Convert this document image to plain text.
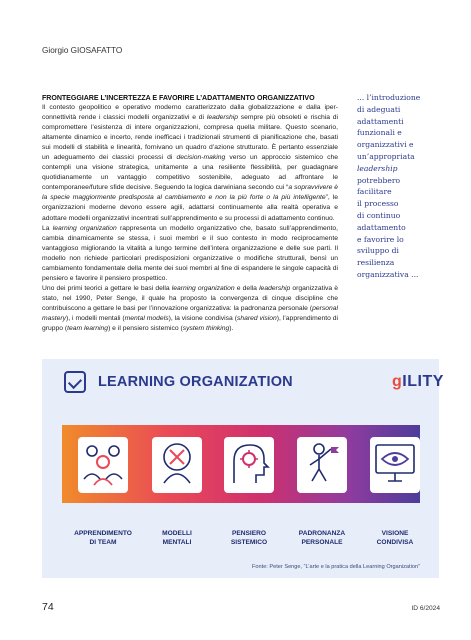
Giorgio GIOSAFATTO
FRONTEGGIARE L’INCERTEZZA E FAVORIRE L’ADATTAMENTO ORGANIZZATIVO

Il contesto geopolitico e operativo moderno caratterizzato dalla globalizzazione e dalla iper-connettività rende i classici modelli organizzativi e di leadership sempre più obsoleti e rischia di compromettere l’esistenza di intere organizzazioni, compresa quella militare. Questo scenario, altamente dinamico e incerto, rende inefficaci i tradizionali strumenti di pianificazione che, basati sui modelli di stabilità e linearità, fornivano un quadro d’azione strutturato. È pertanto essenziale un adeguamento dei classici processi di decision-making verso un approccio sistemico che contempli una visione strategica, unitamente a una resiliente flessibilità, per guadagnare quotidianamente un vantaggio competitivo sostenibile, adeguato ad affrontare le contemporanee/future sfide decisive. Seguendo la logica darwiniana secondo cui “a sopravvivere è la specie maggiormente predisposta al cambiamento e non la più forte o la più intelligente”, le organizzazioni moderne devono essere agili, adattarsi continuamente alla realtà operativa e adottare modelli organizzativi incentrati sull’apprendimento e su processi di adattamento continuo.

La learning organization rappresenta un modello organizzativo che, basato sull’apprendimento, cambia dinamicamente se stessa, i suoi membri e il suo contesto in modo reciprocamente vantaggioso migliorando la vitalità a lungo termine dell’intera organizzazione e delle sue parti. Il modello non richiede particolari predisposizioni organizzative o modifiche strutturali, bensì un cambiamento fondamentale della mente dei suoi membri al fine di espandere le singole capacità di pensiero e favorire il pensiero prospettico.

Uno dei primi teorici a gettare le basi della learning organization e della leadership organizzativa è stato, nel 1990, Peter Senge, il quale ha proposto la convergenza di cinque discipline che contribuiscono a gettare le basi per l’innovazione organizzativa: la padronanza personale (personal mastery), i modelli mentali (mental models), la visione condivisa (shared vision), l’apprendimento di gruppo (team learning) e il pensiero sistemico (system thinking).

... l’introduzione
di adeguati
adattamenti
funzionali e
organizzativi e
un’appropriata
leadership
potrebbero
facilitare
il processo
di continuo
adattamento
e favorire lo
sviluppo di
resilienza
organizzativa ...
LEARNING ORGANIZATION	gILITY
APPRENDIMENTO
DI TEAM
MODELLI
MENTALI
PENSIERO
SISTEMICO
PADRONANZA
PERSONALE
VISIONE
CONDIVISA
Fonte: Peter Senge, “L’arte e la pratica della Learning Organization”
74	ID 6/2024
